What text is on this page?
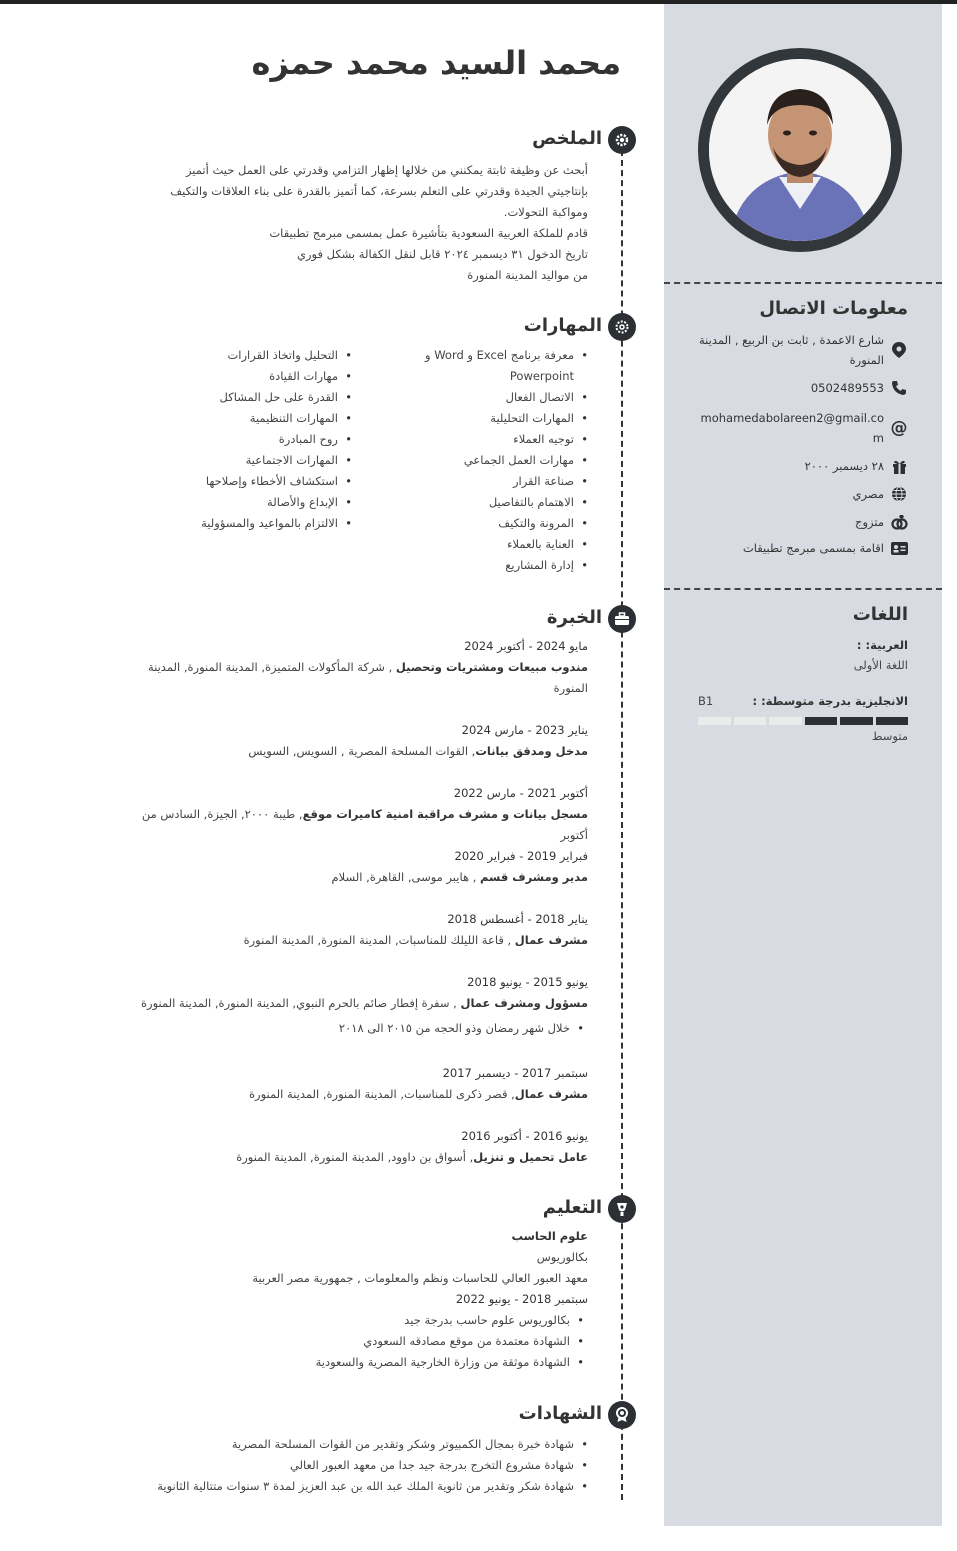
معلومات الاتصال
شارع الاعمدة , ثابت بن الربيع , المدينة المنورة
0502489553
@
mohamedabolareen2@gmail.com
٢٨ ديسمبر ٢٠٠٠
مصري
متزوج
اقامة بمسمى مبرمج تطبيقات
اللغات
العربية: :
اللغة الأولى
الانجليزية بدرجة متوسطة: :
B1
متوسط
محمد السيد محمد حمزه
الملخص
أبحث عن وظيفة ثابتة يمكنني من خلالها إظهار التزامي وقدرتي على العمل حيث أتميز
بإنتاجيتي الجيدة وقدرتي على التعلم بسرعة، كما أتميز بالقدرة على بناء العلاقات والتكيف
ومواكبة التحولات.
قادم للملكة العربية السعودية بتأشيرة عمل بمسمى مبرمج تطبيقات
تاريخ الدخول ٣١ ديسمبر ٢٠٢٤ قابل لنقل الكفالة بشكل فوري
من مواليد المدينة المنورة
المهارات
• معرفة برنامج Excel و Word و Powerpoint
• الاتصال الفعال
• المهارات التحليلية
• توجيه العملاء
• مهارات العمل الجماعي
• صناعة القرار
• الاهتمام بالتفاصيل
• المرونة والتكيف
• العناية بالعملاء
• إدارة المشاريع
• التحليل واتخاذ القرارات
• مهارات القيادة
• القدرة على حل المشاكل
• المهارات التنظيمية
• روح المبادرة
• المهارات الاجتماعية
• استكشاف الأخطاء وإصلاحها
• الإبداع والأصالة
• الالتزام بالمواعيد والمسؤولية
الخبرة
مايو 2024 - أكتوبر 2024
مندوب مبيعات ومشتريات وتحصيل , شركة المأكولات المتميزة, المدينة المنورة, المدينة المنورة
يناير 2023 - مارس 2024
مدخل ومدقق بيانات, القوات المسلحة المصرية , السويس, السويس
أكتوبر 2021 - مارس 2022
مسجل بيانات و مشرف مراقبة امنية كاميرات موقع, طيبة ٢٠٠٠, الجيزة, السادس من أكتوبر
فبراير 2019 - فبراير 2020
مدير ومشرف قسم , هايبر موسى, القاهرة, السلام
يناير 2018 - أغسطس 2018
مشرف عمال , قاعة الليلك للمناسبات, المدينة المنورة, المدينة المنورة
يونيو 2015 - يونيو 2018
مسؤول ومشرف عمال , سفرة إفطار صائم بالحرم النبوي, المدينة المنورة, المدينة المنورة
• خلال شهر رمضان وذو الحجه من ٢٠١٥ الى ٢٠١٨
سبتمبر 2017 - ديسمبر 2017
مشرف عمال, قصر ذكرى للمناسبات, المدينة المنورة, المدينة المنورة
يونيو 2016 - أكتوبر 2016
عامل تحميل و تنزيل, أسواق بن داوود, المدينة المنورة, المدينة المنورة
التعليم
علوم الحاسب
بكالوريوس
معهد العبور العالي للحاسبات ونظم والمعلومات , جمهورية مصر العربية
سبتمبر 2018 - يونيو 2022
• بكالوريوس علوم حاسب بدرجة جيد
• الشهادة معتمدة من موقع مصادقه السعودي
• الشهادة موثقة من وزارة الخارجية المصرية والسعودية
الشهادات
• شهادة خبرة بمجال الكمبيوتر وشكر وتقدير من القوات المسلحة المصرية
• شهادة مشروع التخرج بدرجة جيد جدا من معهد العبور العالي
• شهادة شكر وتقدير من ثانوية الملك عبد الله بن عبد العزيز لمدة ٣ سنوات متتالية الثانوية
